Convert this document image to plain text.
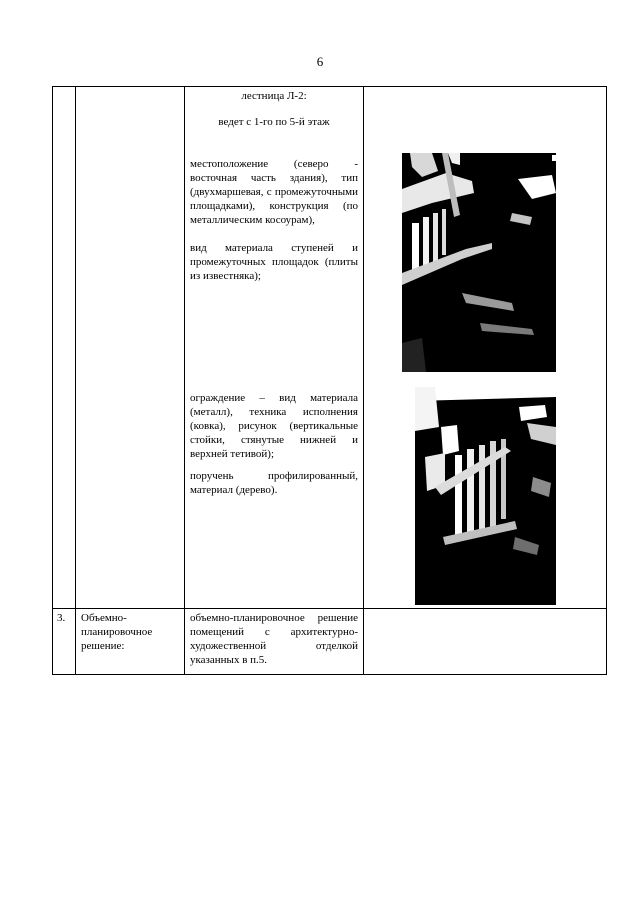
6
лестница Л-2:
ведет с 1-го по 5-й этаж
местоположение (северо - восточная часть здания), тип (двухмаршевая, с промежуточными площадками), конструкция (по металлическим косоурам),
вид материала ступеней и промежуточных площадок (плиты из известняка);
ограждение – вид материала (металл), техника исполнения (ковка), рисунок (вертикальные стойки, стянутые нижней и верхней тетивой);
поручень профилированный, материал (дерево).
3.	Объемно-планировочное решение:
объемно-планировочное решение помещений с архитектурно-художественной отделкой указанных в п.5.
